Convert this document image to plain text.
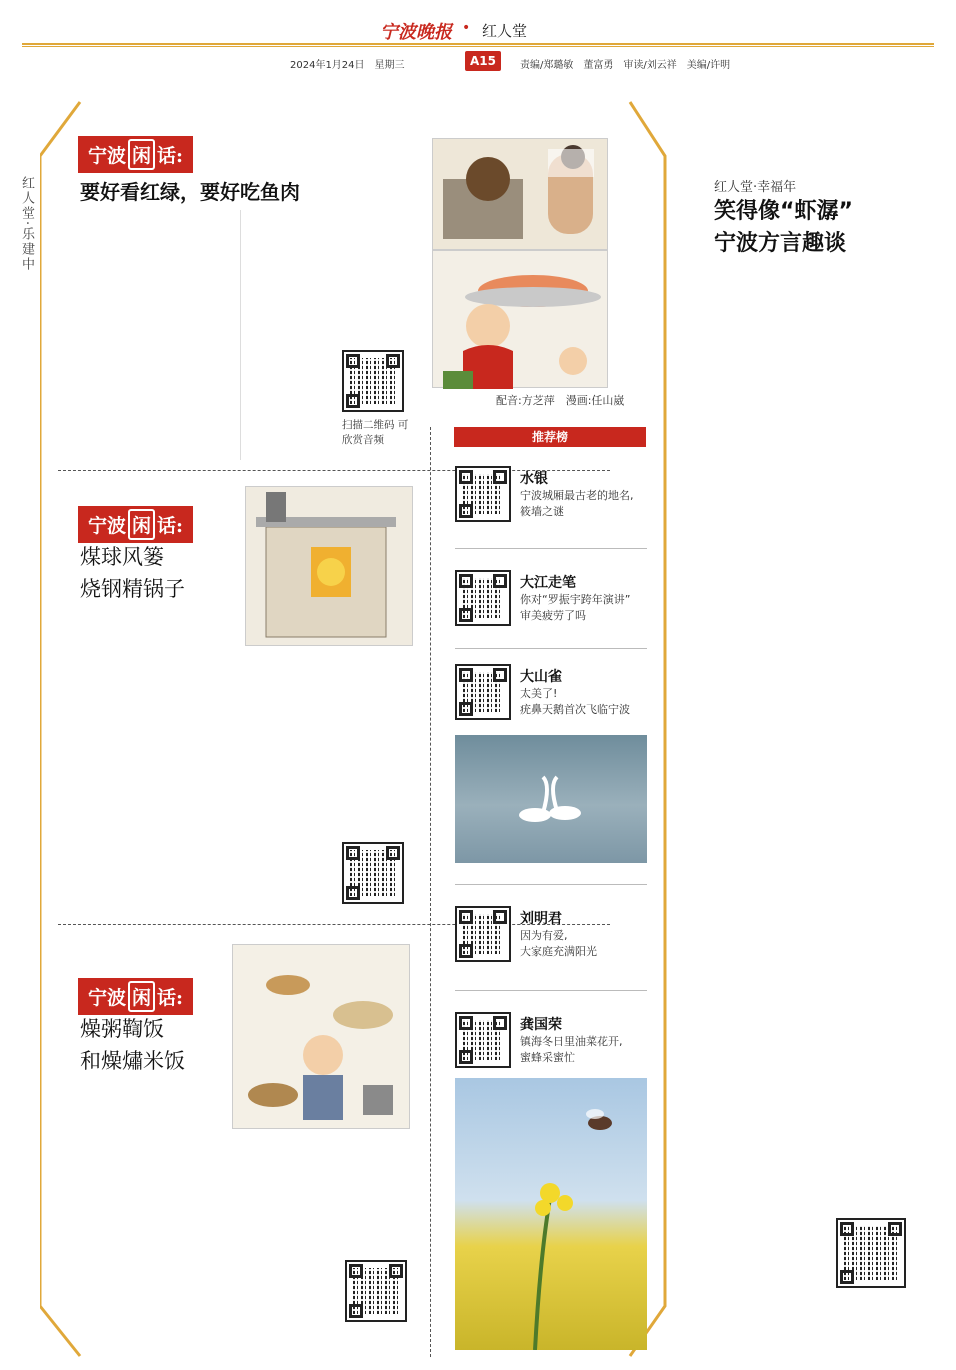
宁波晚报 • 红人堂
2024年1月24日　星期三	A15	责编/郑璐敏　董富勇　审读/刘云祥　美编/许明
红人堂·乐建中
宁波 闲 话:
要好看红绿，要好吃鱼肉
扫描二维码 可欣赏音频
配音:方芝萍　漫画:任山崴
宁波 闲 话:
煤球风篓
烧钢精锅子
宁波 闲 话:
燥粥鞫饭
和燥熽米饭
推荐榜
水银
宁波城厢最古老的地名,
筱墙之谜
大江走笔
你对“罗振宇跨年演讲”
审美疲劳了吗
大山雀
太美了!
疣鼻天鹅首次飞临宁波
刘明君
因为有爱,
大家庭充满阳光
龚国荣
镇海冬日里油菜花开,
蜜蜂采蜜忙
红人堂·幸福年
笑得像“虾潺”
宁波方言趣谈
